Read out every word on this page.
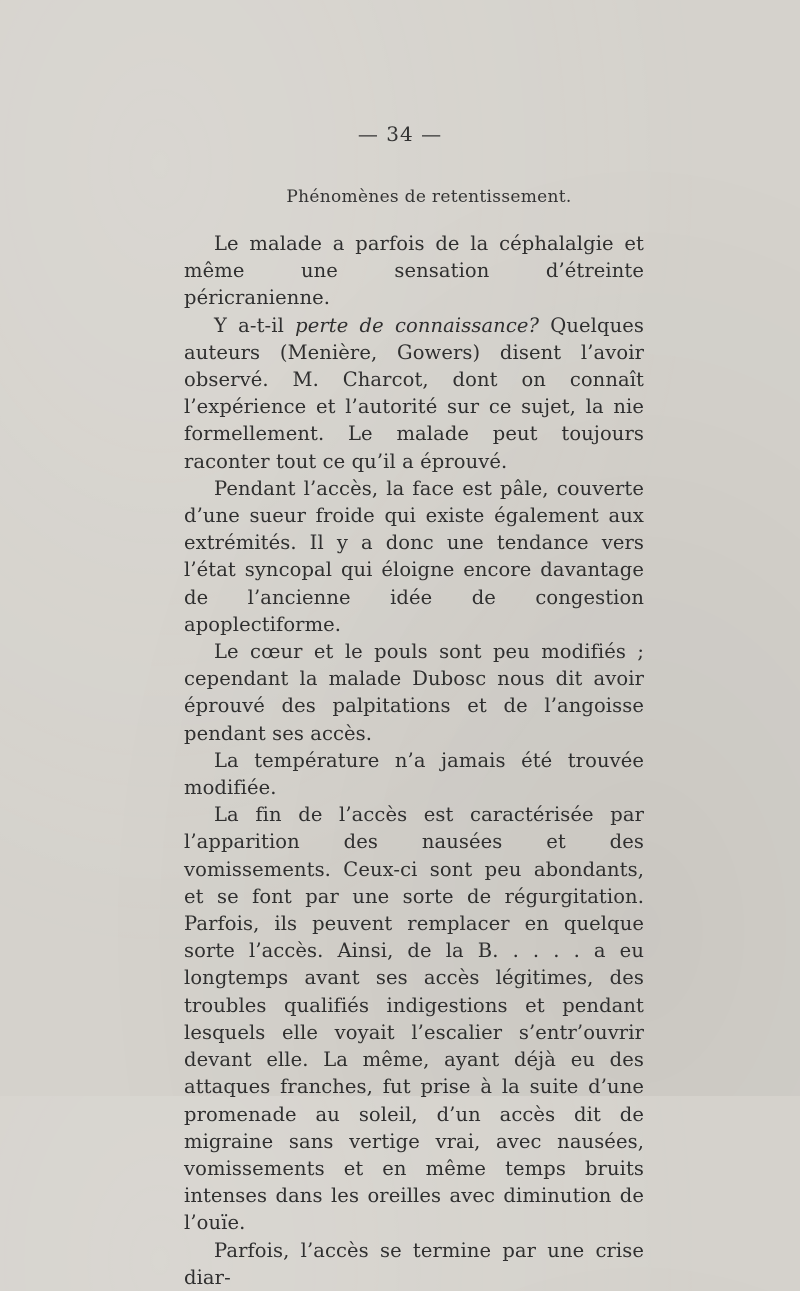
— 34 —
Phénomènes de retentissement.

Le malade a parfois de la céphalalgie et même une sensation d’étreinte péricranienne.

Y a-t-il perte de connaissance? Quelques auteurs (Menière, Gowers) disent l’avoir observé. M. Charcot, dont on connaît l’expérience et l’autorité sur ce sujet, la nie formellement. Le malade peut toujours raconter tout ce qu’il a éprouvé.

Pendant l’accès, la face est pâle, couverte d’une sueur froide qui existe également aux extrémités. Il y a donc une tendance vers l’état syncopal qui éloigne encore davantage de l’ancienne idée de congestion apoplectiforme.

Le cœur et le pouls sont peu modifiés ; cependant la malade Dubosc nous dit avoir éprouvé des palpitations et de l’angoisse pendant ses accès.

La température n’a jamais été trouvée modifiée.

La fin de l’accès est caractérisée par l’apparition des nausées et des vomissements. Ceux-ci sont peu abondants, et se font par une sorte de régurgitation. Parfois, ils peuvent remplacer en quelque sorte l’accès. Ainsi, de la B. . . . . a eu longtemps avant ses accès légitimes, des troubles qualifiés indigestions et pendant lesquels elle voyait l’escalier s’entr’ouvrir devant elle. La même, ayant déjà eu des attaques franches, fut prise à la suite d’une promenade au soleil, d’un accès dit de migraine sans vertige vrai, avec nausées, vomissements et en même temps bruits intenses dans les oreilles avec diminution de l’ouïe.

Parfois, l’accès se termine par une crise diar-
